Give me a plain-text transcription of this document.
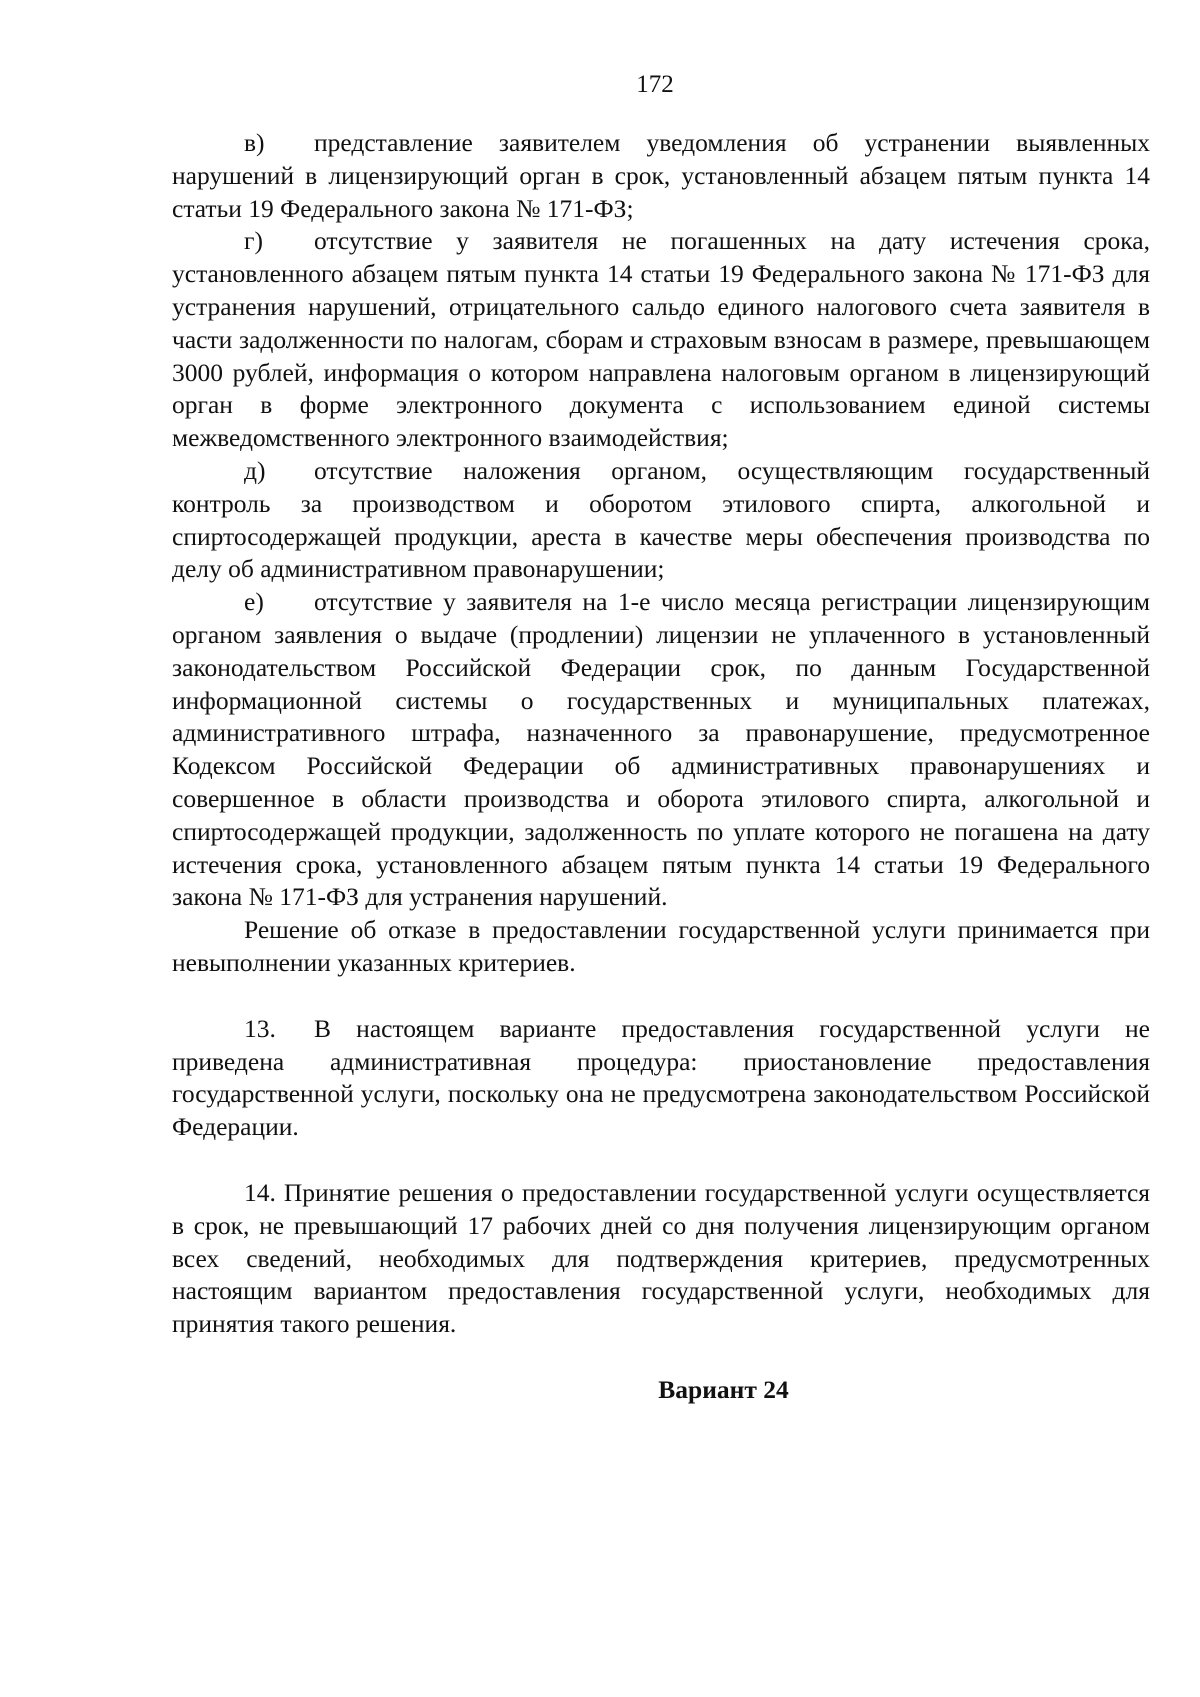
172

в) представление заявителем уведомления об устранении выявленных нарушений в лицензирующий орган в срок, установленный абзацем пятым пункта 14 статьи 19 Федерального закона № 171-ФЗ;

г) отсутствие у заявителя не погашенных на дату истечения срока, установленного абзацем пятым пункта 14 статьи 19 Федерального закона № 171-ФЗ для устранения нарушений, отрицательного сальдо единого налогового счета заявителя в части задолженности по налогам, сборам и страховым взносам в размере, превышающем 3000 рублей, информация о котором направлена налоговым органом в лицензирующий орган в форме электронного документа с использованием единой системы межведомственного электронного взаимодействия;

д) отсутствие наложения органом, осуществляющим государственный контроль за производством и оборотом этилового спирта, алкогольной и спиртосодержащей продукции, ареста в качестве меры обеспечения производства по делу об административном правонарушении;

е) отсутствие у заявителя на 1-е число месяца регистрации лицензирующим органом заявления о выдаче (продлении) лицензии не уплаченного в установленный законодательством Российской Федерации срок, по данным Государственной информационной системы о государственных и муниципальных платежах, административного штрафа, назначенного за правонарушение, предусмотренное Кодексом Российской Федерации об административных правонарушениях и совершенное в области производства и оборота этилового спирта, алкогольной и спиртосодержащей продукции, задолженность по уплате которого не погашена на дату истечения срока, установленного абзацем пятым пункта 14 статьи 19 Федерального закона № 171-ФЗ для устранения нарушений.

Решение об отказе в предоставлении государственной услуги принимается при невыполнении указанных критериев.

13. В настоящем варианте предоставления государственной услуги не приведена административная процедура: приостановление предоставления государственной услуги, поскольку она не предусмотрена законодательством Российской Федерации.

14. Принятие решения о предоставлении государственной услуги осуществляется в срок, не превышающий 17 рабочих дней со дня получения лицензирующим органом всех сведений, необходимых для подтверждения критериев, предусмотренных настоящим вариантом предоставления государственной услуги, необходимых для принятия такого решения.

Вариант 24
